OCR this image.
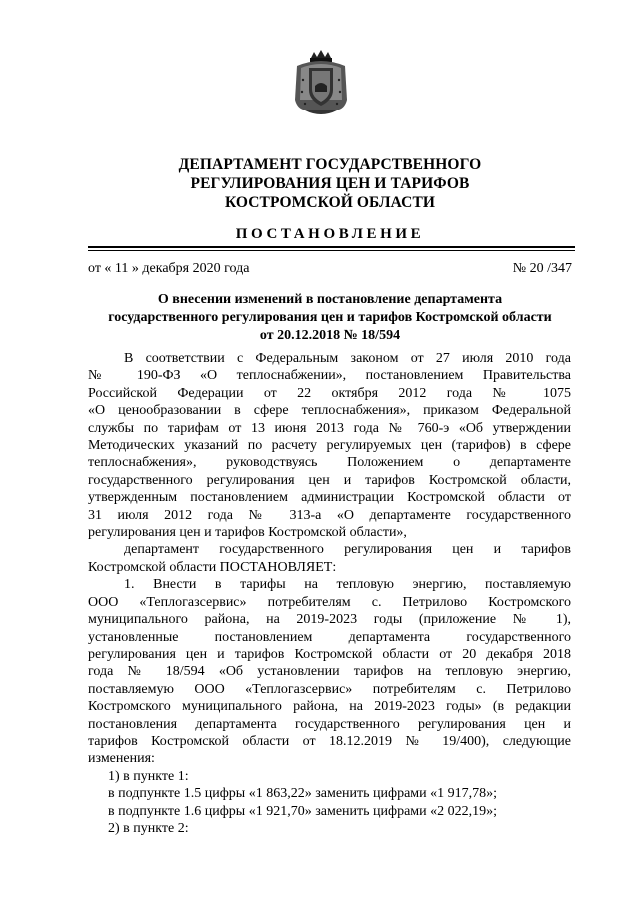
ДЕПАРТАМЕНТ ГОСУДАРСТВЕННОГО
РЕГУЛИРОВАНИЯ ЦЕН И ТАРИФОВ
КОСТРОМСКОЙ ОБЛАСТИ
ПОСТАНОВЛЕНИЕ
от « 11 » декабря 2020 года	№ 20 /347
О внесении изменений в постановление департамента
государственного регулирования цен и тарифов Костромской области
от 20.12.2018 № 18/594

В соответствии с Федеральным законом от 27 июля 2010 года

№ 190-ФЗ «О теплоснабжении», постановлением Правительства

Российской Федерации от 22 октября 2012 года № 1075

«О ценообразовании в сфере теплоснабжения», приказом Федеральной

службы по тарифам от 13 июня 2013 года № 760-э «Об утверждении

Методических указаний по расчету регулируемых цен (тарифов) в сфере

теплоснабжения», руководствуясь Положением о департаменте

государственного регулирования цен и тарифов Костромской области,

утвержденным постановлением администрации Костромской области от

31 июля 2012 года № 313-а «О департаменте государственного

регулирования цен и тарифов Костромской области»,

департамент государственного регулирования цен и тарифов

Костромской области ПОСТАНОВЛЯЕТ:

1. Внести в тарифы на тепловую энергию, поставляемую

ООО «Теплогазсервис» потребителям с. Петрилово Костромского

муниципального района, на 2019-2023 годы (приложение № 1),

установленные постановлением департамента государственного

регулирования цен и тарифов Костромской области от 20 декабря 2018

года № 18/594 «Об установлении тарифов на тепловую энергию,

поставляемую ООО «Теплогазсервис» потребителям с. Петрилово

Костромского муниципального района, на 2019-2023 годы» (в редакции

постановления департамента государственного регулирования цен и

тарифов Костромской области от 18.12.2019 № 19/400), следующие

изменения:

1) в пункте 1:

в подпункте 1.5 цифры «1 863,22» заменить цифрами «1 917,78»;

в подпункте 1.6 цифры «1 921,70» заменить цифрами «2 022,19»;

2) в пункте 2:
